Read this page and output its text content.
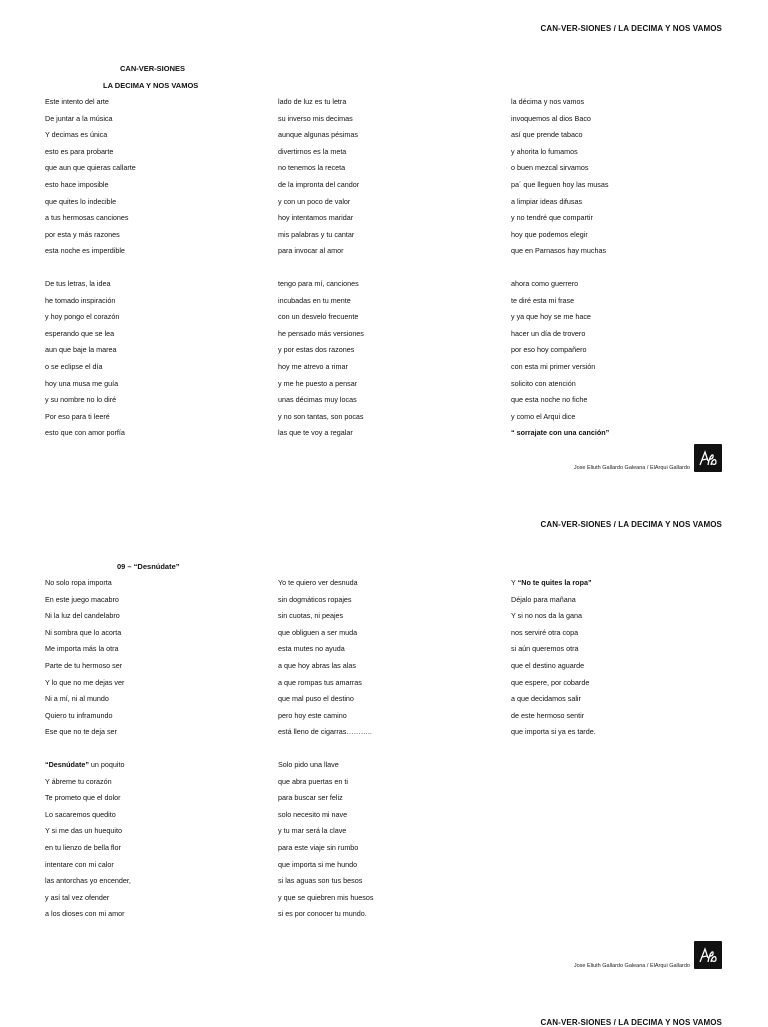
CAN-VER-SIONES / LA DECIMA Y NOS VAMOS
CAN-VER-SIONES
LA DECIMA Y NOS VAMOS
Este intento del arte
De juntar a la música
Y decimas es única
esto es para probarte
que aun que quieras callarte
esto hace imposible
que quites lo indecible
a tus hermosas canciones
por esta y más razones
esta noche es imperdible
De tus letras, la idea
he tomado inspiración
y hoy pongo el corazón
esperando que se lea
aun que baje la marea
o se eclipse el día
hoy una musa me guía
y su nombre no lo diré
Por eso para ti leeré
esto que con amor porfía
lado de luz es tu letra
su inverso mis decimas
aunque algunas pésimas
divertirnos es la meta
no tenemos la receta
de la impronta del candor
y con un poco de valor
hoy intentamos maridar
mis palabras y tu cantar
para invocar al amor
tengo para mí, canciones
incubadas en tu mente
con un desvelo frecuente
he pensado más versiones
y por estas dos razones
hoy me atrevo a rimar
y me he puesto a pensar
unas décimas muy locas
y no son tantas, son pocas
las que te voy a regalar
la décima y nos vamos
invoquemos al dios Baco
así que prende tabaco
y ahorita lo fumamos
o buen mezcal sirvamos
pa´ que lleguen hoy las musas
a limpiar ideas difusas
y no tendré que compartir
hoy que podemos elegir
que en Parnasos hay muchas
ahora como guerrero
te diré esta mi frase
y ya que hoy se me hace
hacer un día de trovero
por eso hoy compañero
con esta mi primer versión
solicito con atención
que esta noche no fiche
y como el Arqui dice
“ sorrajate con una canción”
Jose Eliuth Gallardo Galeana / ElArqui Gallardo
CAN-VER-SIONES / LA DECIMA Y NOS VAMOS
09 – “Desnúdate”
No solo ropa importa
En este juego macabro
Ni la luz del candelabro
Ni sombra que lo acorta
Me importa más la otra
Parte de tu hermoso ser
Y lo que no me dejas ver
Ni a mí, ni al mundo
Quiero tu inframundo
Ese que no te deja ser
“Desnúdate” un poquito
Y ábreme tu corazón
Te prometo que el dolor
Lo sacaremos quedito
Y si me das un huequito
en tu lienzo de bella flor
intentare con mi calor
las antorchas yo encender,
y así tal vez ofender
a los dioses con mi amor
Yo te quiero ver desnuda
sin dogmáticos ropajes
sin cuotas, ni peajes
que obliguen a ser muda
esta mutes no ayuda
a que hoy abras las alas
a que rompas tus amarras
que mal puso el destino
pero hoy este camino
está lleno de cigarras………..
Solo pido una llave
que abra puertas en ti
para buscar ser feliz
solo necesito mi nave
y tu mar será la clave
para este viaje sin rumbo
que importa si me hundo
si las aguas son tus besos
y que se quiebren mis huesos
si es por conocer tu mundo.
Y “No te quites la ropa”
Déjalo para mañana
Y si no nos da la gana
nos serviré otra copa
si aún queremos otra
que el destino aguarde
que espere, por cobarde
a que decidamos salir
de este hermoso sentir
que importa si ya es tarde.
Jose Eliuth Gallardo Galeana / ElArqui Gallardo
CAN-VER-SIONES / LA DECIMA Y NOS VAMOS
